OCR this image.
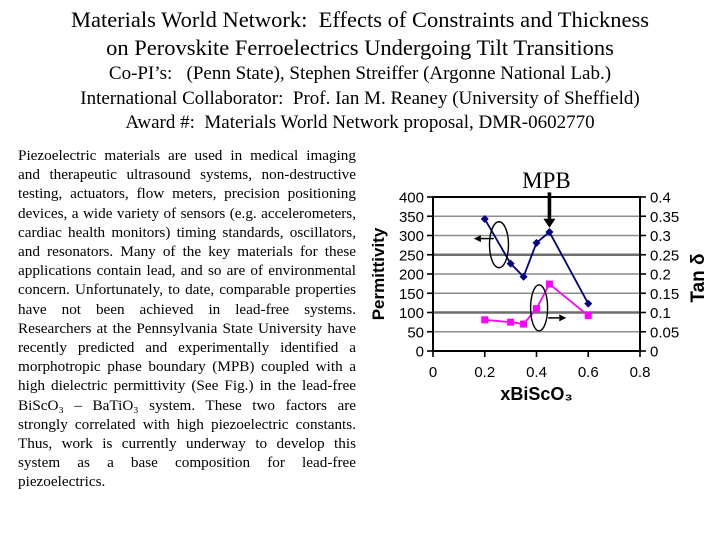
Materials World Network:  Effects of Constraints and Thickness
on Perovskite Ferroelectrics Undergoing Tilt Transitions
Co-PI’s:   (Penn State), Stephen Streiffer (Argonne National Lab.)
International Collaborator:  Prof. Ian M. Reaney (University of Sheffield)
Award #:  Materials World Network proposal, DMR-0602770

Piezoelectric materials are used in medical imaging and therapeutic ultrasound systems, non-destructive testing, actuators, flow meters, precision positioning devices, a wide variety of sensors (e.g. accelerometers, cardiac health monitors) timing standards, oscillators, and resonators. Many of the key materials for these applications contain lead, and so are of environmental concern. Unfortunately, to date, comparable properties have not been achieved in lead-free systems. Researchers at the Pennsylvania State University have recently predicted and experimentally identified a morphotropic phase boundary (MPB) coupled with a high dielectric permittivity (See Fig.) in the lead-free BiScO₃ – BaTiO₃ system. These two factors are strongly correlated with high piezoelectric constants. Thus, work is currently underway to develop this system as a base composition for lead-free piezoelectrics.

0
50
100
150
200
250
300
350
400
0
0.05
0.1
0.15
0.2
0.25
0.3
0.35
0.4
0 0.2 0.4 0.6 0.8
Permittivity	Tan δ
xBiScO₃
MPB
